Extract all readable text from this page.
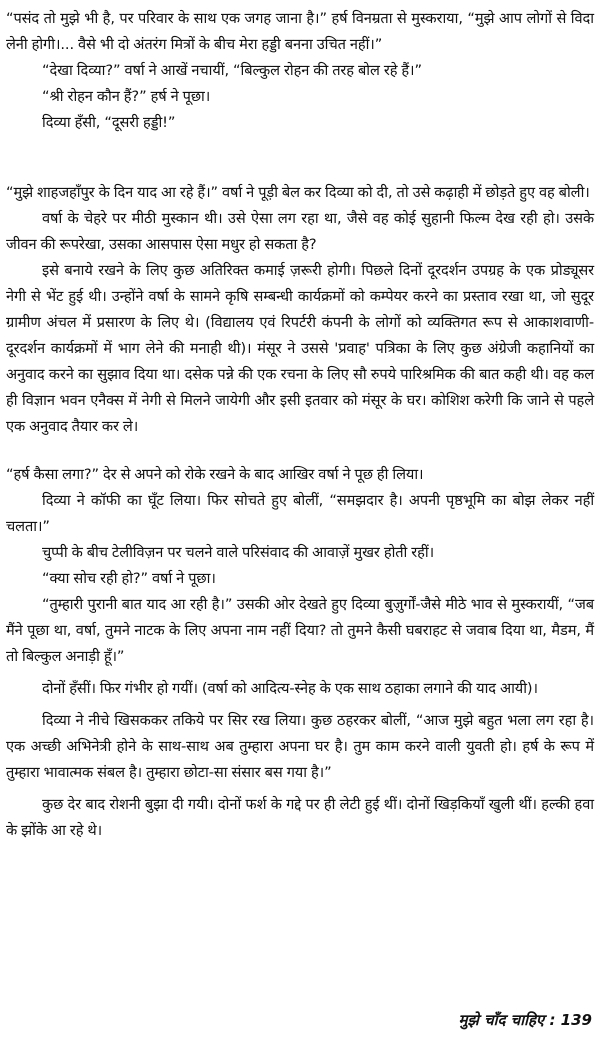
“पसंद तो मुझे भी है, पर परिवार के साथ एक जगह जाना है।” हर्ष विनम्रता से मुस्कराया, “मुझे आप लोगों से विदा लेनी होगी।... वैसे भी दो अंतरंग मित्रों के बीच मेरा हड्डी बनना उचित नहीं।”

“देखा दिव्या?” वर्षा ने आखें नचायीं, “बिल्कुल रोहन की तरह बोल रहे हैं।”

“श्री रोहन कौन हैं?” हर्ष ने पूछा।

दिव्या हँसी, “दूसरी हड्डी!”

“मुझे शाहजहाँपुर के दिन याद आ रहे हैं।” वर्षा ने पूड़ी बेल कर दिव्या को दी, तो उसे कढ़ाही में छोड़ते हुए वह बोली।

वर्षा के चेहरे पर मीठी मुस्कान थी। उसे ऐसा लग रहा था, जैसे वह कोई सुहानी फिल्म देख रही हो। उसके जीवन की रूपरेखा, उसका आसपास ऐसा मधुर हो सकता है?

इसे बनाये रखने के लिए कुछ अतिरिक्त कमाई ज़रूरी होगी। पिछले दिनों दूरदर्शन उपग्रह के एक प्रोड्यूसर नेगी से भेंट हुई थी। उन्होंने वर्षा के सामने कृषि सम्बन्धी कार्यक्रमों को कम्पेयर करने का प्रस्ताव रखा था, जो सुदूर ग्रामीण अंचल में प्रसारण के लिए थे। (विद्यालय एवं रिपर्टरी कंपनी के लोगों को व्यक्तिगत रूप से आकाशवाणी-दूरदर्शन कार्यक्रमों में भाग लेने की मनाही थी)। मंसूर ने उससे 'प्रवाह' पत्रिका के लिए कुछ अंग्रेजी कहानियों का अनुवाद करने का सुझाव दिया था। दसेक पन्ने की एक रचना के लिए सौ रुपये पारिश्रमिक की बात कही थी। वह कल ही विज्ञान भवन एनैक्स में नेगी से मिलने जायेगी और इसी इतवार को मंसूर के घर। कोशिश करेगी कि जाने से पहले एक अनुवाद तैयार कर ले।

“हर्ष कैसा लगा?” देर से अपने को रोके रखने के बाद आखिर वर्षा ने पूछ ही लिया।

दिव्या ने कॉफी का घूँट लिया। फिर सोचते हुए बोलीं, “समझदार है। अपनी पृष्ठभूमि का बोझ लेकर नहीं चलता।”

चुप्पी के बीच टेलीविज़न पर चलने वाले परिसंवाद की आवाज़ें मुखर होती रहीं।

“क्या सोच रही हो?” वर्षा ने पूछा।

“तुम्हारी पुरानी बात याद आ रही है।” उसकी ओर देखते हुए दिव्या बुज़ुर्गों-जैसे मीठे भाव से मुस्करायीं, “जब मैंने पूछा था, वर्षा, तुमने नाटक के लिए अपना नाम नहीं दिया? तो तुमने कैसी घबराहट से जवाब दिया था, मैडम, मैं तो बिल्कुल अनाड़ी हूँ।”

दोनों हँसीं। फिर गंभीर हो गयीं। (वर्षा को आदित्य-स्नेह के एक साथ ठहाका लगाने की याद आयी)।

दिव्या ने नीचे खिसककर तकिये पर सिर रख लिया। कुछ ठहरकर बोलीं, “आज मुझे बहुत भला लग रहा है। एक अच्छी अभिनेत्री होने के साथ-साथ अब तुम्हारा अपना घर है। तुम काम करने वाली युवती हो। हर्ष के रूप में तुम्हारा भावात्मक संबल है। तुम्हारा छोटा-सा संसार बस गया है।”

कुछ देर बाद रोशनी बुझा दी गयी। दोनों फर्श के गद्दे पर ही लेटी हुई थीं। दोनों खिड़कियाँ खुली थीं। हल्की हवा के झोंके आ रहे थे।

मुझे चाँद चाहिए : 139
